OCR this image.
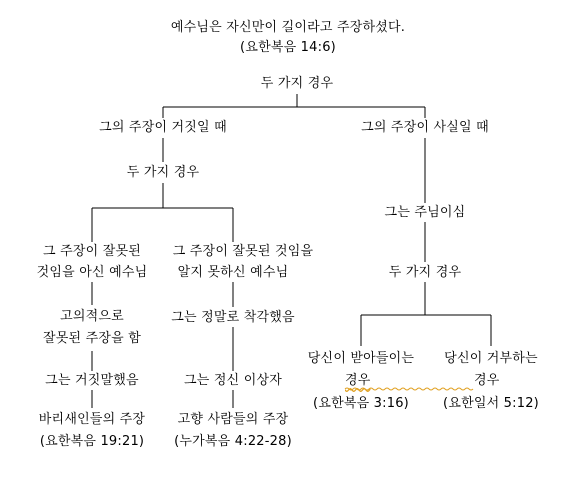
예수님은 자신만이 길이라고 주장하셨다.
(요한복음 14:6)
두 가지 경우
그의 주장이 거짓일 때	그의 주장이 사실일 때
두 가지 경우
그 주장이 잘못된
것임을 아신 예수님
고의적으로
잘못된 주장을 함
그는 거짓말했음
바리새인들의 주장
(요한복음 19:21)
그 주장이 잘못된 것임을
알지 못하신 예수님
그는 정말로 착각했음
그는 정신 이상자
고향 사람들의 주장
(누가복음 4:22-28)
그는 주님이심
두 가지 경우
당신이 받아들이는
경우
(요한복음 3:16)
당신이 거부하는
경우
(요한일서 5:12)
